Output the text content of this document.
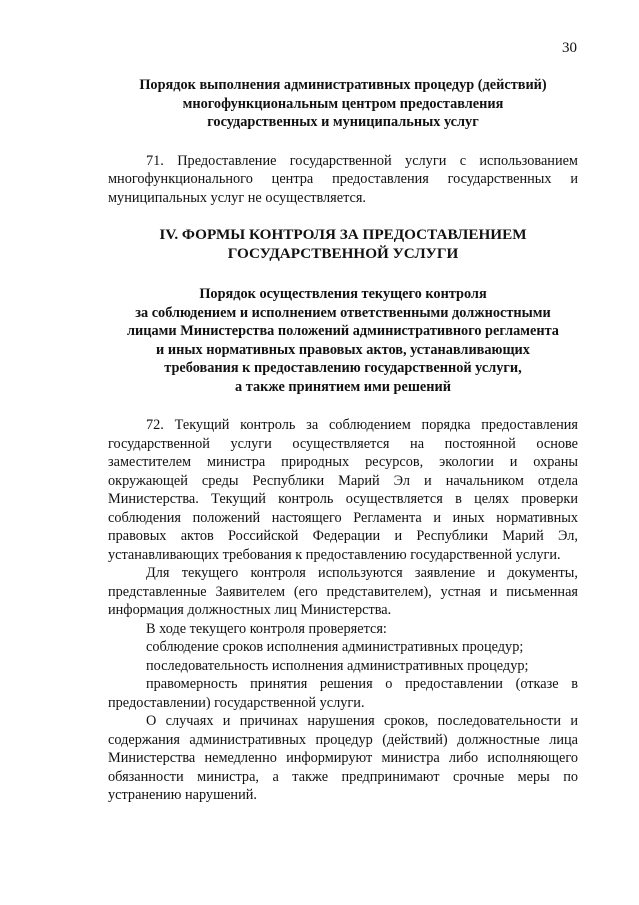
30
Порядок выполнения административных процедур (действий)
многофункциональным центром предоставления
государственных и муниципальных услуг

71. Предоставление государственной услуги с использованием многофункционального центра предоставления государственных и муниципальных услуг не осуществляется.

IV. ФОРМЫ КОНТРОЛЯ ЗА ПРЕДОСТАВЛЕНИЕМ
ГОСУДАРСТВЕННОЙ УСЛУГИ
Порядок осуществления текущего контроля
за соблюдением и исполнением ответственными должностными
лицами Министерства положений административного регламента
и иных нормативных правовых актов, устанавливающих
требования к предоставлению государственной услуги,
а также принятием ими решений

72. Текущий контроль за соблюдением порядка предоставления государственной услуги осуществляется на постоянной основе заместителем министра природных ресурсов, экологии и охраны окружающей среды Республики Марий Эл и начальником отдела Министерства. Текущий контроль осуществляется в целях проверки соблюдения положений настоящего Регламента и иных нормативных правовых актов Российской Федерации и Республики Марий Эл, устанавливающих требования к предоставлению государственной услуги.

Для текущего контроля используются заявление и документы, представленные Заявителем (его представителем), устная и письменная информация должностных лиц Министерства.

В ходе текущего контроля проверяется:

соблюдение сроков исполнения административных процедур;

последовательность исполнения административных процедур;

правомерность принятия решения о предоставлении (отказе в предоставлении) государственной услуги.

О случаях и причинах нарушения сроков, последовательности и содержания административных процедур (действий) должностные лица Министерства немедленно информируют министра либо исполняющего обязанности министра, а также предпринимают срочные меры по устранению нарушений.
